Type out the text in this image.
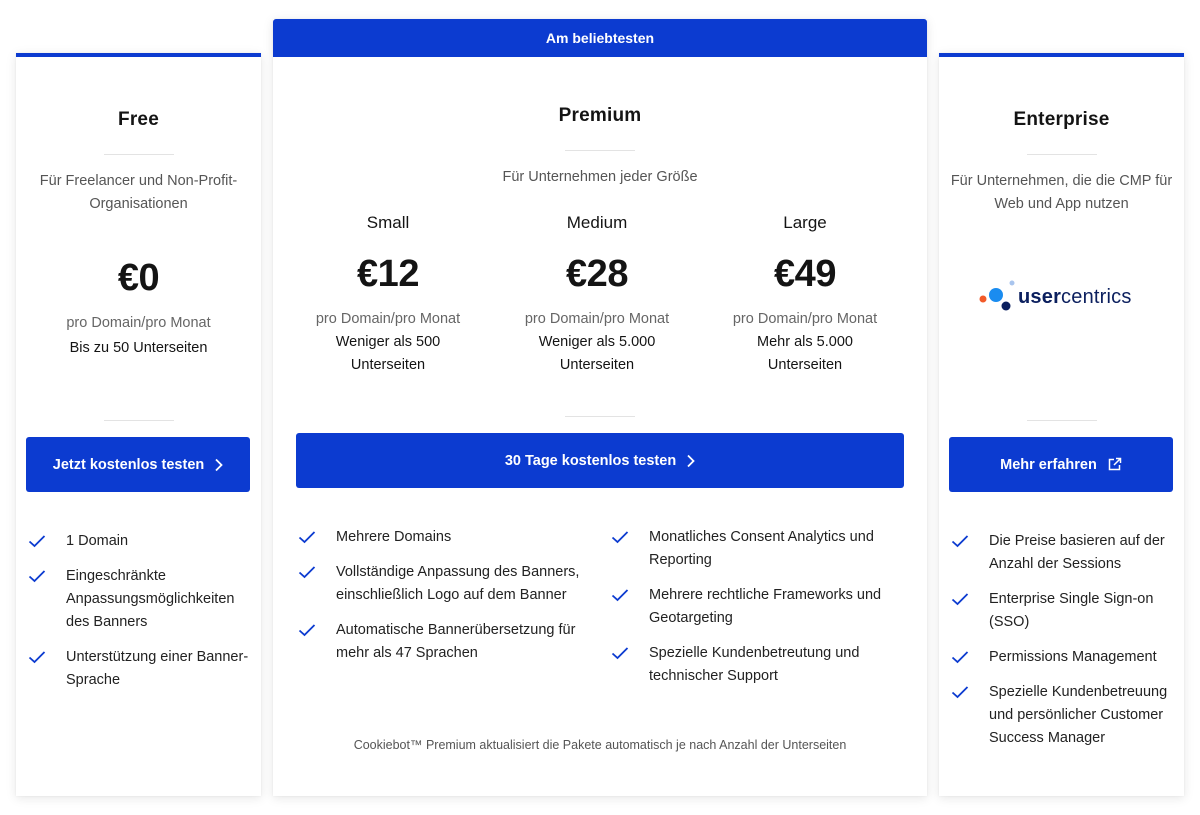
Free
Für Freelancer und Non-Profit-Organisationen
€0
pro Domain/pro Monat
Bis zu 50 Unterseiten
Jetzt kostenlos testen
1 Domain
Eingeschränkte Anpassungsmöglichkeiten des Banners
Unterstützung einer Banner-Sprache
Am beliebtesten
Premium
Für Unternehmen jeder Größe
Small
€12
pro Domain/pro Monat
Weniger als 500 Unterseiten
Medium
€28
pro Domain/pro Monat
Weniger als 5.000 Unterseiten
Large
€49
pro Domain/pro Monat
Mehr als 5.000 Unterseiten
30 Tage kostenlos testen
Mehrere Domains
Vollständige Anpassung des Banners, einschließlich Logo auf dem Banner
Automatische Bannerübersetzung für mehr als 47 Sprachen
Monatliches Consent Analytics und Reporting
Mehrere rechtliche Frameworks und Geotargeting
Spezielle Kundenbetreutung und technischer Support
Cookiebot™ Premium aktualisiert die Pakete automatisch je nach Anzahl der Unterseiten
Enterprise
Für Unternehmen, die die CMP für Web und App nutzen
usercentrics
Mehr erfahren
Die Preise basieren auf der Anzahl der Sessions
Enterprise Single Sign-on (SSO)
Permissions Management
Spezielle Kundenbetreuung und persönlicher Customer Success Manager
